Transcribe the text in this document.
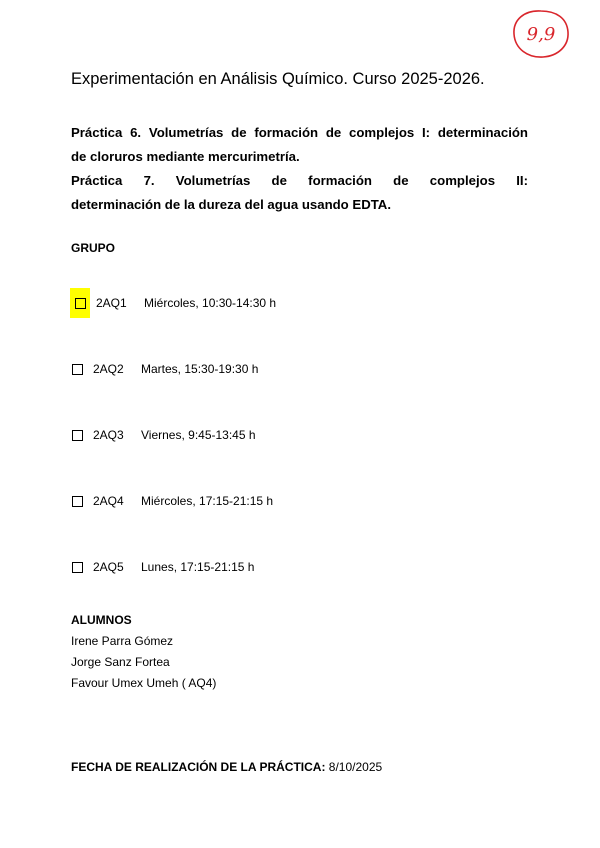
9,9
Experimentación en Análisis Químico. Curso 2025-2026.
Práctica 6. Volumetrías de formación de complejos I: determinación
de cloruros mediante mercurimetría.
Práctica 7. Volumetrías de formación de complejos II:
determinación de la dureza del agua usando EDTA.
GRUPO
2AQ1	Miércoles, 10:30-14:30 h
2AQ2	Martes, 15:30-19:30 h
2AQ3	Viernes, 9:45-13:45 h
2AQ4	Miércoles, 17:15-21:15 h
2AQ5	Lunes, 17:15-21:15 h
ALUMNOS
Irene Parra Gómez
Jorge Sanz Fortea
Favour Umex Umeh ( AQ4)
FECHA DE REALIZACIÓN DE LA PRÁCTICA: 8/10/2025
